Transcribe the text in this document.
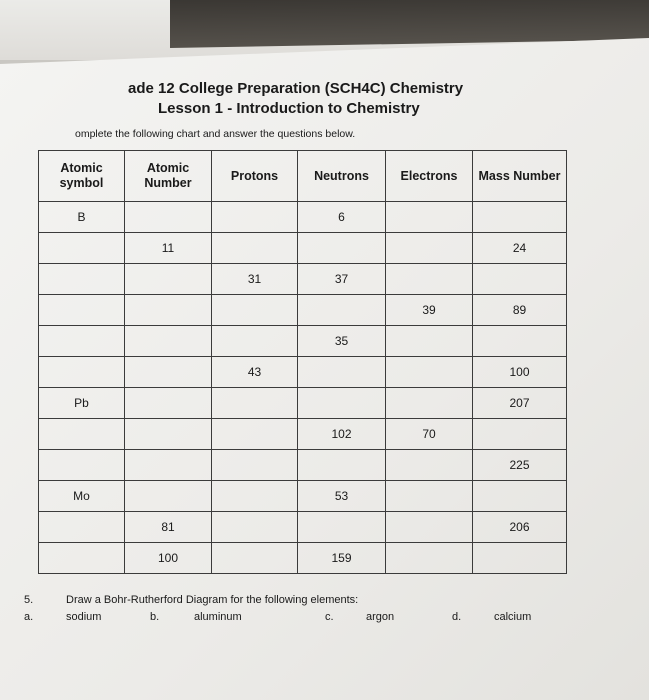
ade 12 College Preparation (SCH4C) Chemistry
Lesson 1 - Introduction to Chemistry
omplete the following chart and answer the questions below.
Atomic symbol	Atomic Number	Protons	Neutrons	Electrons	Mass Number
B			6		
	11				24
		31	37		
				39	89
			35		
		43			100
Pb					207
			102	70	
					225
Mo			53		
	81				206
	100		159		
5.	Draw a Bohr-Rutherford Diagram for the following elements:
a.	sodium	b.	aluminum	c.	argon	d.	calcium
